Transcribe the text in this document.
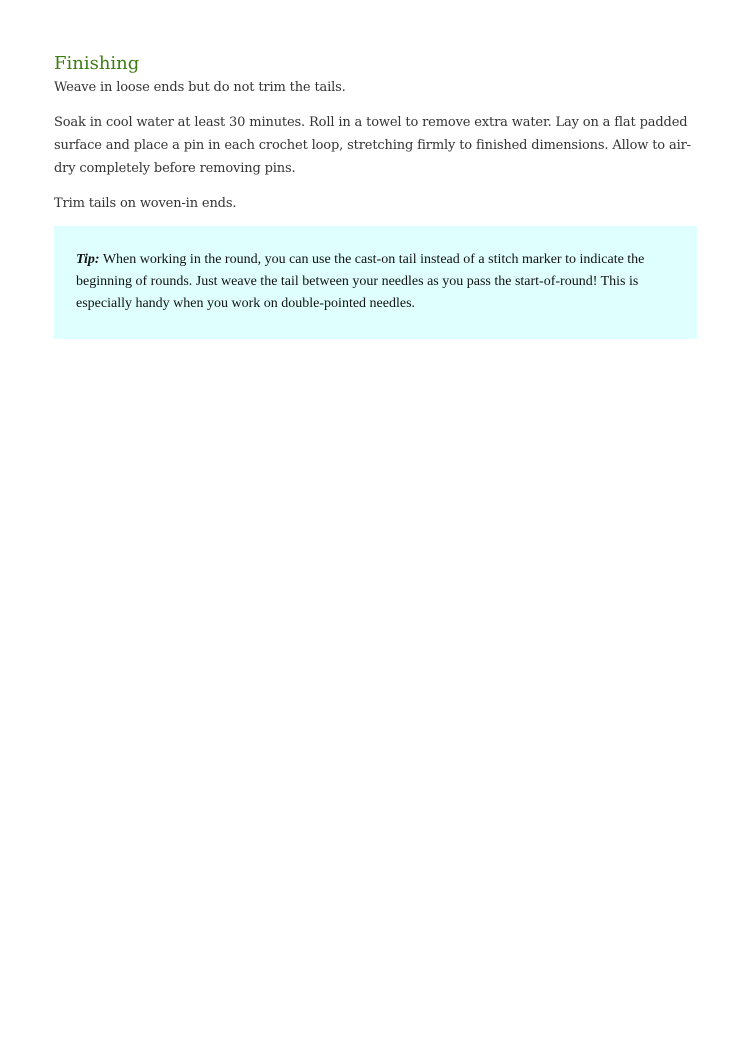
Finishing

Weave in loose ends but do not trim the tails.

Soak in cool water at least 30 minutes. Roll in a towel to remove extra water. Lay on a flat padded surface and place a pin in each crochet loop, stretching firmly to finished dimensions. Allow to air-dry completely before removing pins.

Trim tails on woven-in ends.

Tip: When working in the round, you can use the cast-on tail instead of a stitch marker to indicate the beginning of rounds. Just weave the tail between your needles as you pass the start-of-round! This is especially handy when you work on double-pointed needles.
